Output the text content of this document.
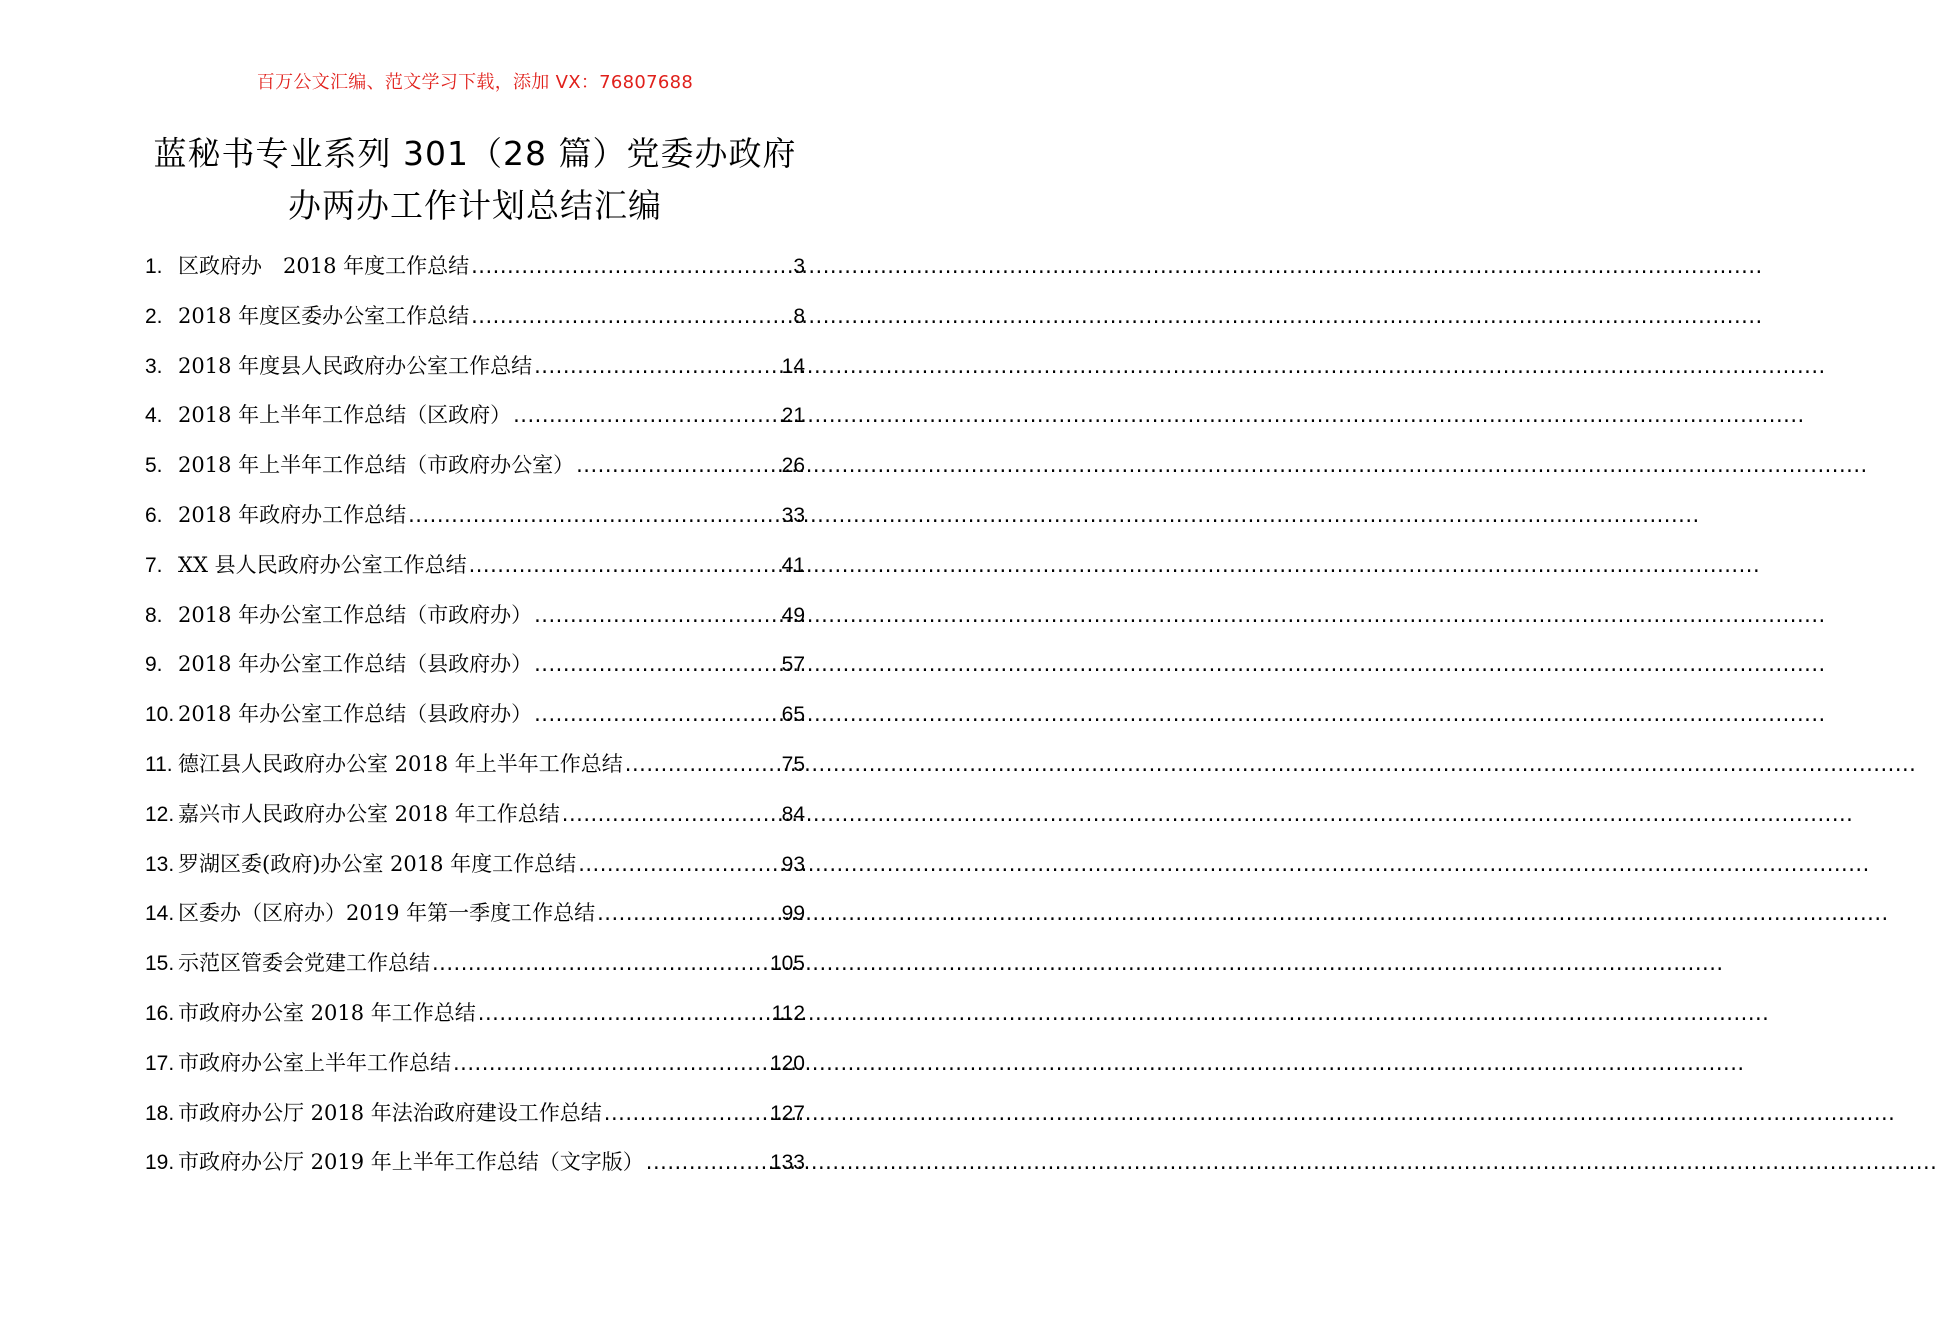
百万公文汇编、范文学习下载，添加 VX：76807688
蓝秘书专业系列 301（28 篇）党委办政府
办两办工作计划总结汇编
1. 区政府办　2018 年度工作总结 .....	3
2. 2018 年度区委办公室工作总结 .....	8
3. 2018 年度县人民政府办公室工作总结 .....	14
4. 2018 年上半年工作总结（区政府） .....	21
5. 2018 年上半年工作总结（市政府办公室） .....	26
6. 2018 年政府办工作总结 .....	33
7. XX 县人民政府办公室工作总结 .....	41
8. 2018 年办公室工作总结（市政府办） .....	49
9. 2018 年办公室工作总结（县政府办） .....	57
10. 2018 年办公室工作总结（县政府办） .....	65
11. 德江县人民政府办公室 2018 年上半年工作总结 .....	75
12. 嘉兴市人民政府办公室 2018 年工作总结 .....	84
13. 罗湖区委(政府)办公室 2018 年度工作总结 .....	93
14. 区委办（区府办）2019 年第一季度工作总结 .....	99
15. 示范区管委会党建工作总结 .....	105
16. 市政府办公室 2018 年工作总结 .....	112
17. 市政府办公室上半年工作总结 .....	120
18. 市政府办公厅 2018 年法治政府建设工作总结 .....	127
19. 市政府办公厅 2019 年上半年工作总结（文字版） .....	133
